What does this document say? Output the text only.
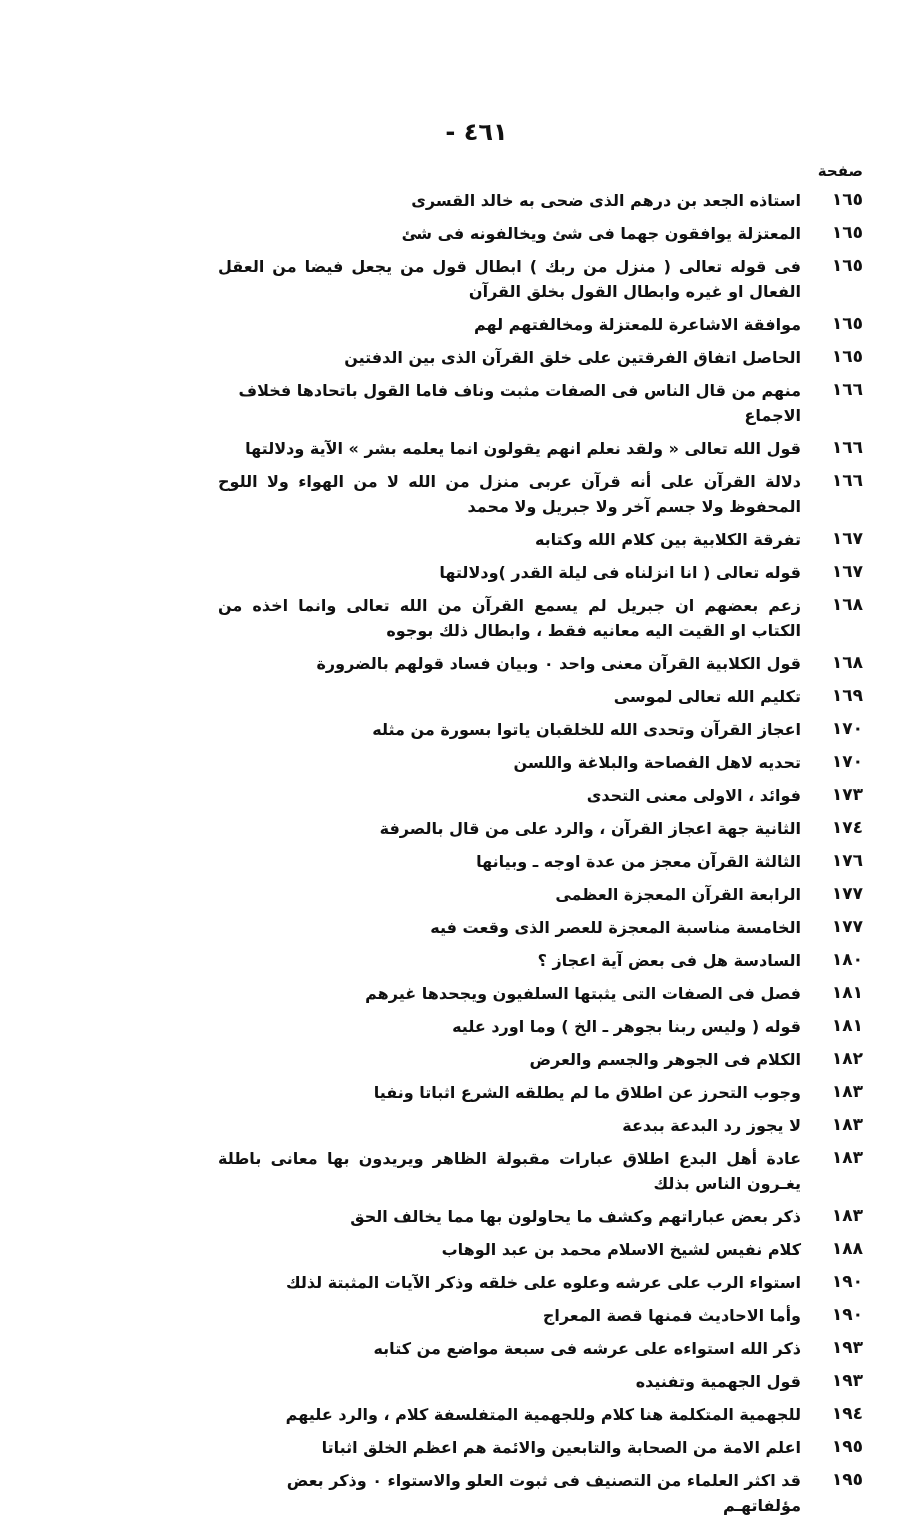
٤٦١ -
صفحة
١٦٥
استاذه الجعد بن درهم الذى ضحى به خالد القسرى
١٦٥
المعتزلة يوافقون جهما فى شئ ويخالفونه فى شئ
١٦٥
فى قوله تعالى ( منزل من ربك ) ابطال قول من يجعل فيضا من العقل الفعال او غيره وابطال القول بخلق القرآن
١٦٥
موافقة الاشاعرة للمعتزلة ومخالفتهم لهم
١٦٥
الحاصل اتفاق الفرقتين على خلق القرآن الذى بين الدفتين
١٦٦
منهم من قال الناس فى الصفات مثبت وناف فاما القول باتحادها فخلاف الاجماع
١٦٦
قول الله تعالى « ولقد نعلم انهم يقولون انما يعلمه بشر » الآية ودلالتها
١٦٦
دلالة القرآن على أنه قرآن عربى منزل من الله لا من الهواء ولا اللوح المحفوظ ولا جسم آخر ولا جبريل ولا محمد
١٦٧
تفرقة الكلابية بين كلام الله وكتابه
١٦٧
قوله تعالى ( انا انزلناه فى ليلة القدر )ودلالتها
١٦٨
زعم بعضهم ان جبريل لم يسمع القرآن من الله تعالى وانما اخذه من الكتاب او القيت اليه معانيه فقط ، وابطال ذلك بوجوه
١٦٨
قول الكلابية القرآن معنى واحد ٠ وبيان فساد قولهم بالضرورة
١٦٩
تكليم الله تعالى لموسى
١٧٠
اعجاز القرآن وتحدى الله للخلقبان ياتوا بسورة من مثله
١٧٠
تحديه لاهل الفصاحة والبلاغة واللسن
١٧٣
فوائد ، الاولى معنى التحدى
١٧٤
الثانية جهة اعجاز القرآن ، والرد على من قال بالصرفة
١٧٦
الثالثة القرآن معجز من عدة اوجه ـ وبيانها
١٧٧
الرابعة القرآن المعجزة العظمى
١٧٧
الخامسة مناسبة المعجزة للعصر الذى وقعت فيه
١٨٠
السادسة هل فى بعض آية اعجاز ؟
١٨١
فصل فى الصفات التى يثبتها السلفيون ويجحدها غيرهم
١٨١
قوله ( وليس ربنا بجوهر ـ الخ ) وما اورد عليه
١٨٢
الكلام فى الجوهر والجسم والعرض
١٨٣
وجوب التحرز عن اطلاق ما لم يطلقه الشرع اثباتا ونفيا
١٨٣
لا يجوز رد البدعة ببدعة
١٨٣
عادة أهل البدع اطلاق عبارات مقبولة الظاهر ويريدون بها معانى باطلة يغـرون الناس بذلك
١٨٣
ذكر بعض عباراتهم وكشف ما يحاولون بها مما يخالف الحق
١٨٨
كلام نفيس لشيخ الاسلام محمد بن عبد الوهاب
١٩٠
استواء الرب على عرشه وعلوه على خلقه وذكر الآيات المثبتة لذلك
١٩٠
وأما الاحاديث فمنها قصة المعراج
١٩٣
ذكر الله استواءه على عرشه فى سبعة مواضع من كتابه
١٩٣
قول الجهمية وتفنيده
١٩٤
للجهمية المتكلمة هنا كلام وللجهمية المتفلسفة كلام ، والرد عليهم
١٩٥
اعلم الامة من الصحابة والتابعين والائمة هم اعظم الخلق اثباتا
١٩٥
قد اكثر العلماء من التصنيف فى ثبوت العلو والاستواء ٠ وذكر بعض مؤلفاتهـم
